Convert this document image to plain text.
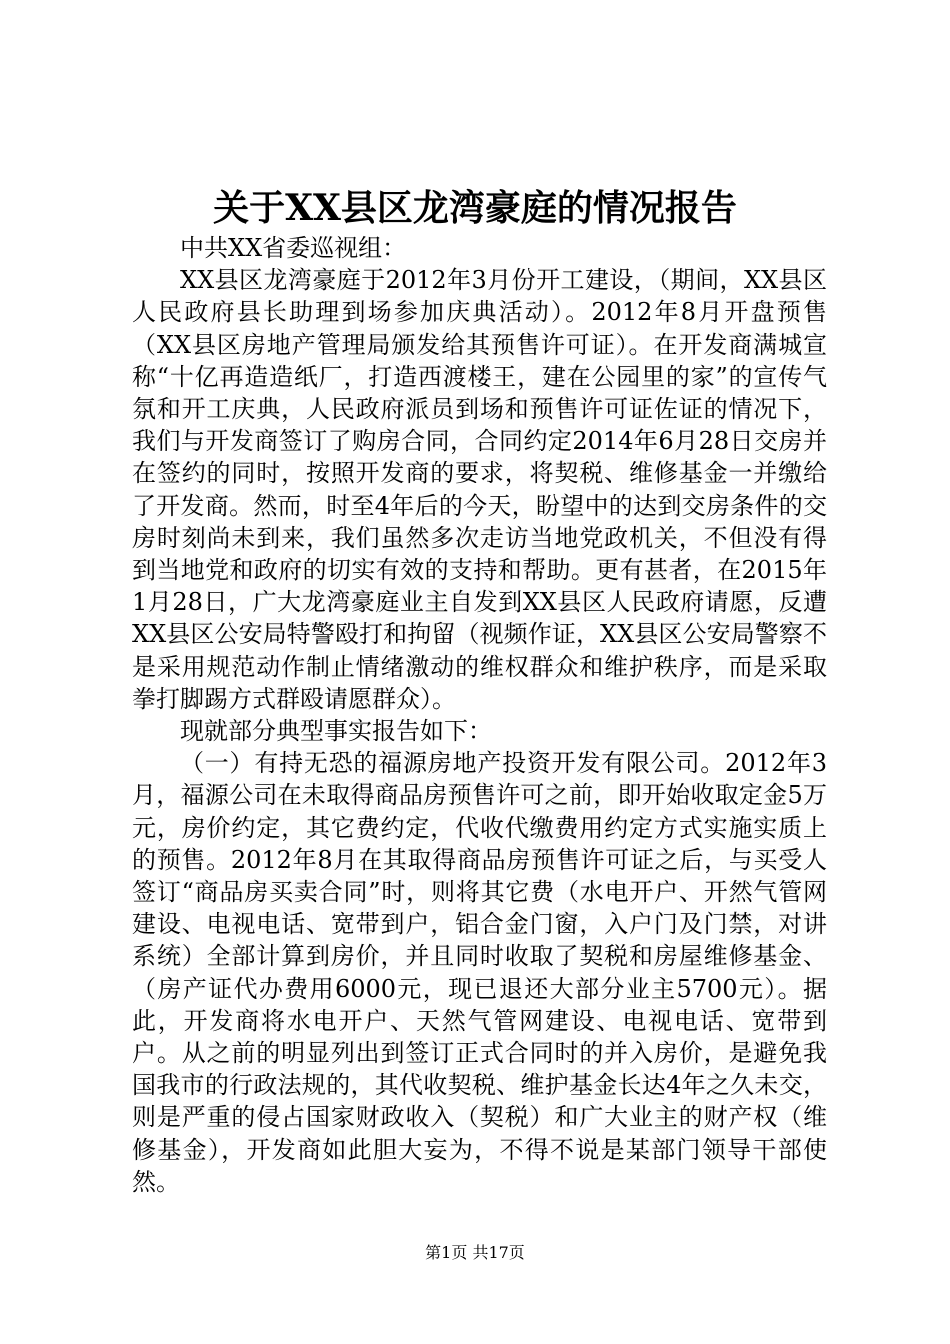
关于XX县区龙湾豪庭的情况报告

中共XX省委巡视组：

XX县区龙湾豪庭于2012年3月份开工建设，（期间，XX县区人民政府县长助理到场参加庆典活动）。2012年8月开盘预售（XX县区房地产管理局颁发给其预售许可证）。在开发商满城宣称“十亿再造造纸厂，打造西渡楼王，建在公园里的家”的宣传气氛和开工庆典，人民政府派员到场和预售许可证佐证的情况下，我们与开发商签订了购房合同，合同约定2014年6月28日交房并在签约的同时，按照开发商的要求，将契税、维修基金一并缴给了开发商。然而，时至4年后的今天，盼望中的达到交房条件的交房时刻尚未到来，我们虽然多次走访当地党政机关，不但没有得到当地党和政府的切实有效的支持和帮助。更有甚者，在2015年1月28日，广大龙湾豪庭业主自发到XX县区人民政府请愿，反遭XX县区公安局特警殴打和拘留（视频作证，XX县区公安局警察不是采用规范动作制止情绪激动的维权群众和维护秩序，而是采取拳打脚踢方式群殴请愿群众）。

现就部分典型事实报告如下：

（一）有持无恐的福源房地产投资开发有限公司。2012年3月，福源公司在未取得商品房预售许可之前，即开始收取定金5万元，房价约定，其它费约定，代收代缴费用约定方式实施实质上的预售。2012年8月在其取得商品房预售许可证之后，与买受人签订“商品房买卖合同”时，则将其它费（水电开户、开然气管网建设、电视电话、宽带到户，铝合金门窗，入户门及门禁，对讲系统）全部计算到房价，并且同时收取了契税和房屋维修基金、（房产证代办费用6000元，现已退还大部分业主5700元）。据此，开发商将水电开户、天然气管网建设、电视电话、宽带到户。从之前的明显列出到签订正式合同时的并入房价，是避免我国我市的行政法规的，其代收契税、维护基金长达4年之久未交，则是严重的侵占国家财政收入（契税）和广大业主的财产权（维修基金），开发商如此胆大妄为，不得不说是某部门领导干部使然。

第1页 共17页
